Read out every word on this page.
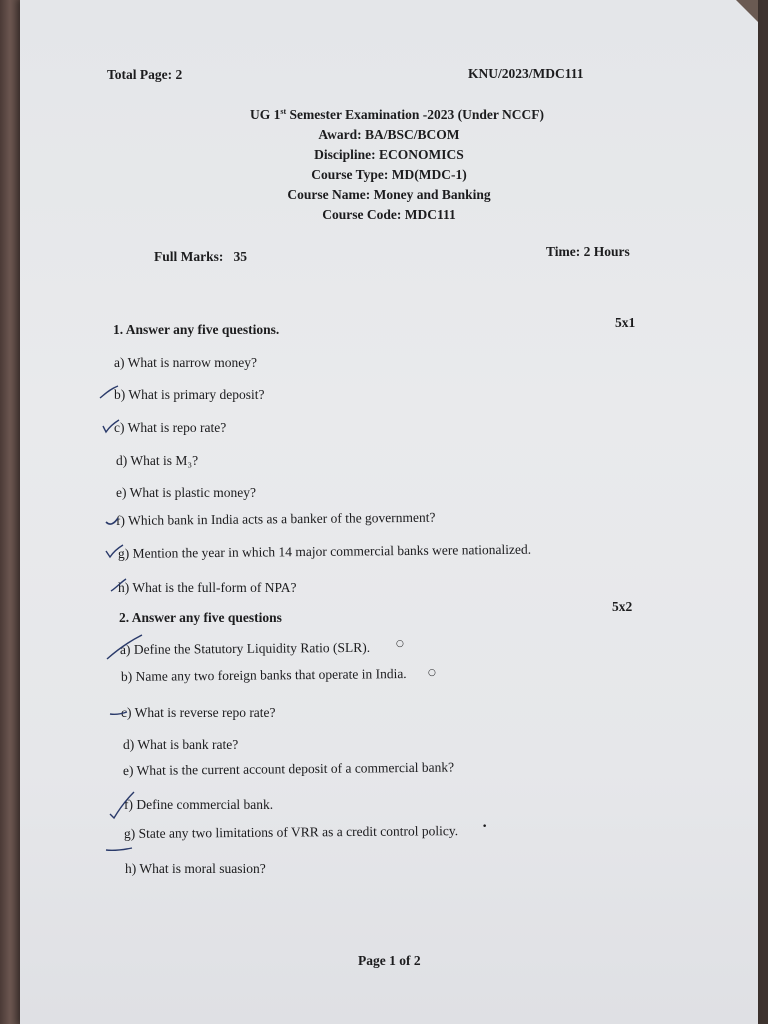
Total Page: 2	KNU/2023/MDC111
UG 1st Semester Examination -2023 (Under NCCF)
Award: BA/BSC/BCOM
Discipline: ECONOMICS
Course Type: MD(MDC-1)
Course Name: Money and Banking
Course Code: MDC111
Full Marks:   35	Time: 2 Hours
1. Answer any five questions.	5x1
a) What is narrow money?
b) What is primary deposit?
c) What is repo rate?
d) What is M₃?
e) What is plastic money?
f) Which bank in India acts as a banker of the government?
g) Mention the year in which 14 major commercial banks were nationalized.
h) What is the full-form of NPA?
2. Answer any five questions
5x2
a) Define the Statutory Liquidity Ratio (SLR).
b) Name any two foreign banks that operate in India.
c) What is reverse repo rate?
d) What is bank rate?
e) What is the current account deposit of a commercial bank?
f) Define commercial bank.
g) State any two limitations of VRR as a credit control policy.
h) What is moral suasion?
Page 1 of 2
○
○
•
